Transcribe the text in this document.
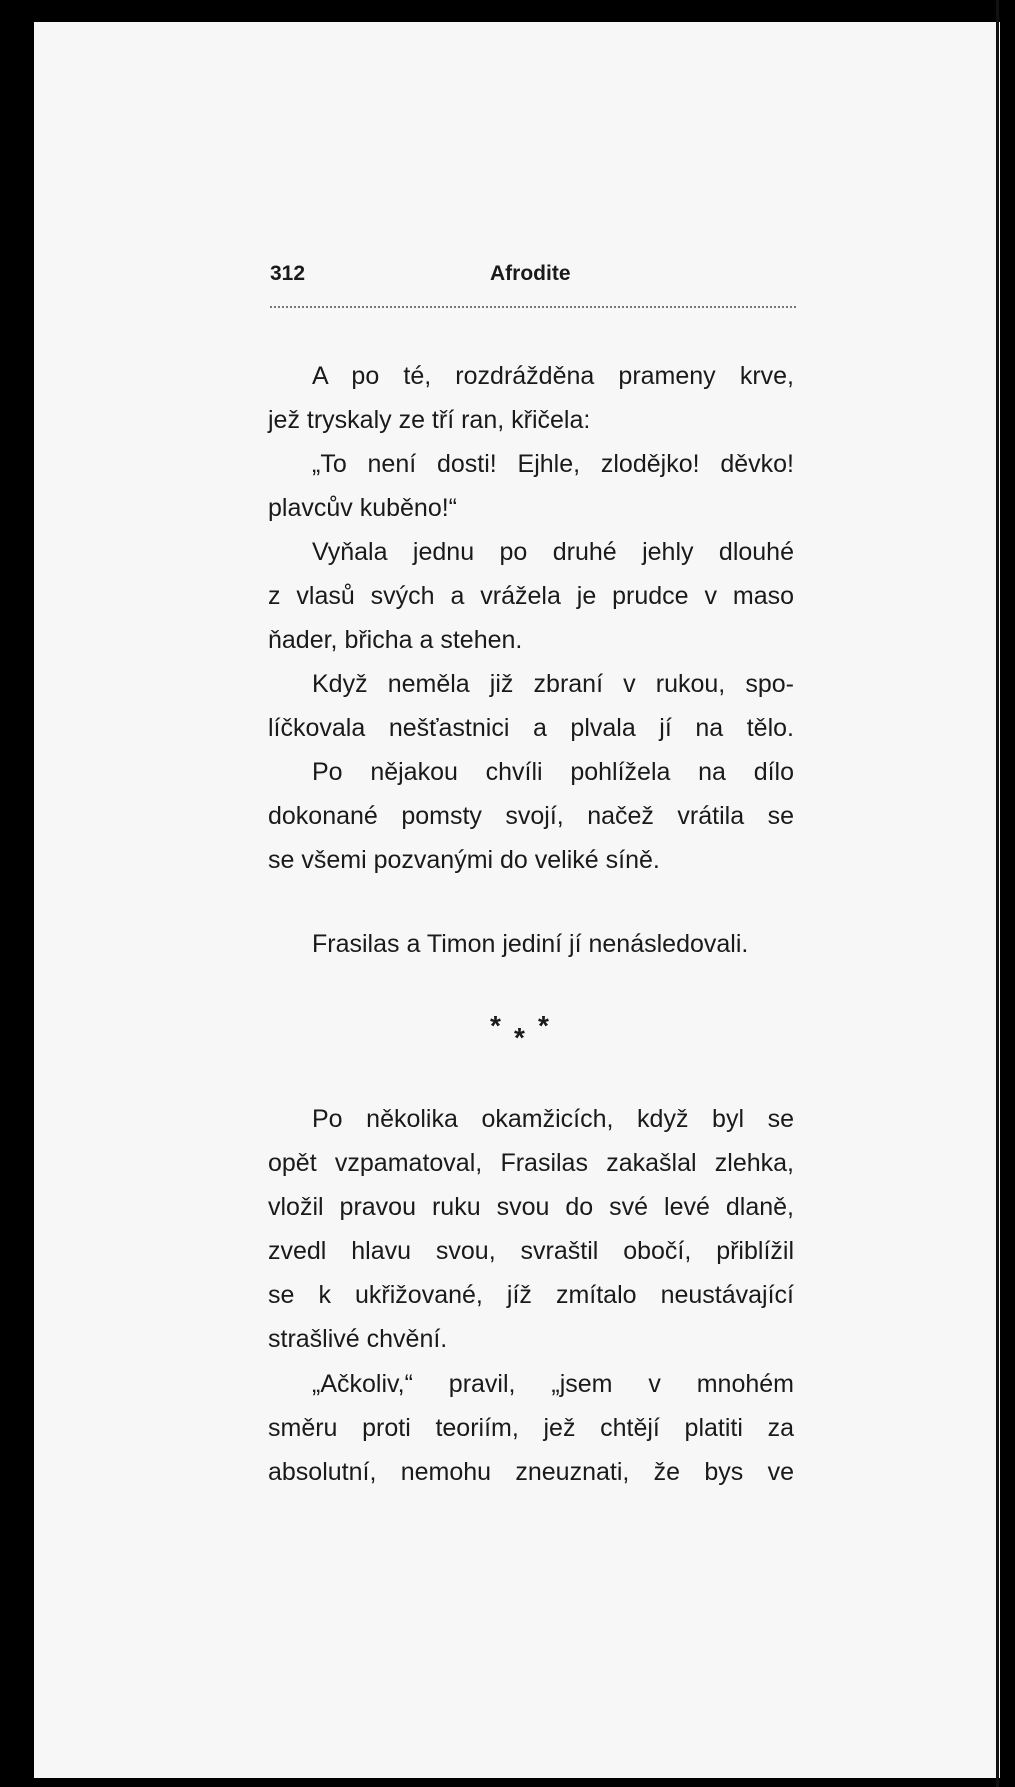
312	Afrodite

A po té, rozdrážděna prameny krve,
jež tryskaly ze tří ran, křičela:

„To není dosti! Ejhle, zlodějko! děvko!
plavcův kuběno!“

Vyňala jednu po druhé jehly dlouhé
z vlasů svých a vrážela je prudce v maso
ňader, břicha a stehen.

Když neměla již zbraní v rukou, spo-
líčkovala nešťastnici a plvala jí na tělo.

Po nějakou chvíli pohlížela na dílo
dokonané pomsty svojí, načež vrátila se
se všemi pozvanými do veliké síně.

Frasilas a Timon jediní jí nenásledovali.

* * *

Po několika okamžicích, když byl se
opět vzpamatoval, Frasilas zakašlal zlehka,
vložil pravou ruku svou do své levé dlaně,
zvedl hlavu svou, svraštil obočí, přiblížil
se k ukřižované, jíž zmítalo neustávající
strašlivé chvění.

„Ačkoliv,“ pravil, „jsem v mnohém
směru proti teoriím, jež chtějí platiti za
absolutní, nemohu zneuznati, že bys ve
